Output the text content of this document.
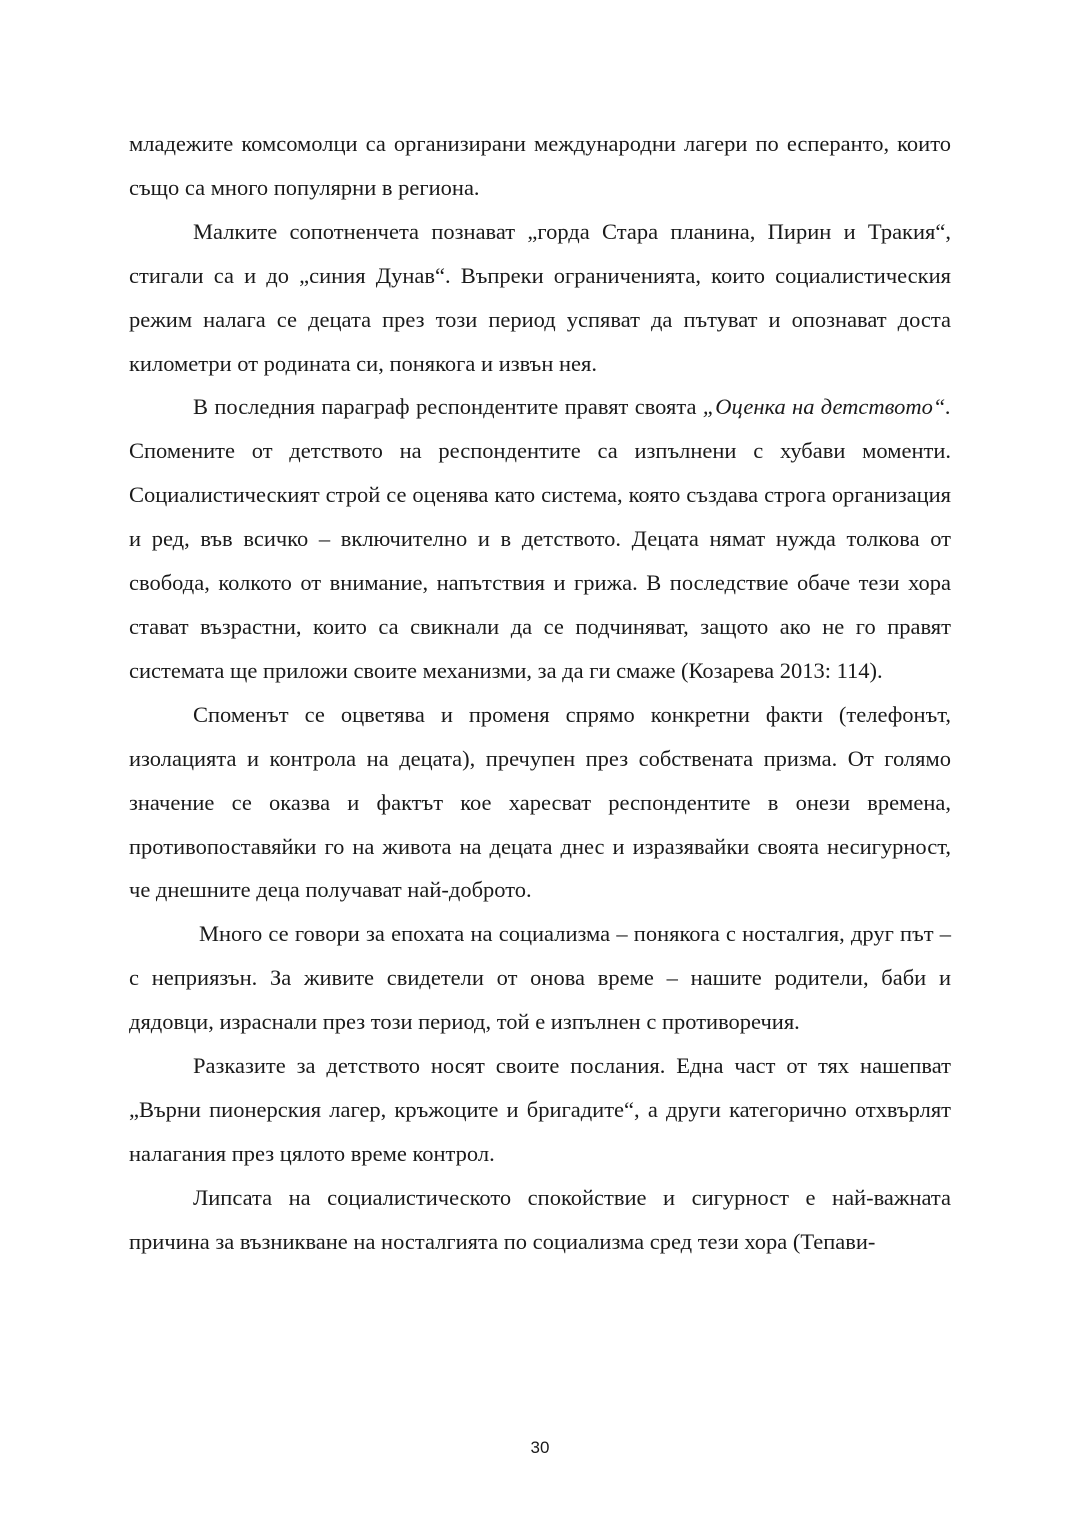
младежите комсомолци са организирани международни лагери по есперанто, които също са много популярни в региона.

Малките сопотненчета познават „горда Стара планина, Пирин и Тракия“, стигали са и до „синия Дунав“. Въпреки ограниченията, които социалистическия режим налага се децата през този период успяват да пътуват и опознават доста километри от родината си, понякога и извън нея.

В последния параграф респондентите правят своята „Оценка на детството“. Спомените от детството на респондентите са изпълнени с хубави моменти. Социалистическият строй се оценява като система, която създава строга организация и ред, във всичко – включително и в детството. Децата нямат нужда толкова от свобода, колкото от внимание, напътствия и грижа. В последствие обаче тези хора стават възрастни, които са свикнали да се подчиняват, защото ако не го правят системата ще приложи своите механизми, за да ги смаже (Козарева 2013: 114).

Споменът се оцветява и променя спрямо конкретни факти (телефонът, изолацията и контрола на децата), пречупен през собствената призма. От голямо значение се оказва и фактът кое харесват респондентите в онези времена, противопоставяйки го на живота на децата днес и изразявайки своята несигурност, че днешните деца получават най-доброто.

Много се говори за епохата на социализма – понякога с носталгия, друг път – с неприязън. За живите свидетели от онова време – нашите родители, баби и дядовци, израснали през този период, той е изпълнен с противоречия.

Разказите за детството носят своите послания. Една част от тях нашепват „Върни пионерския лагер, кръжоците и бригадите“, а други категорично отхвърлят налагания през цялото време контрол.

Липсата на социалистическото спокойствие и сигурност е най-важната причина за възникване на носталгията по социализма сред тези хора (Тепави-

30
